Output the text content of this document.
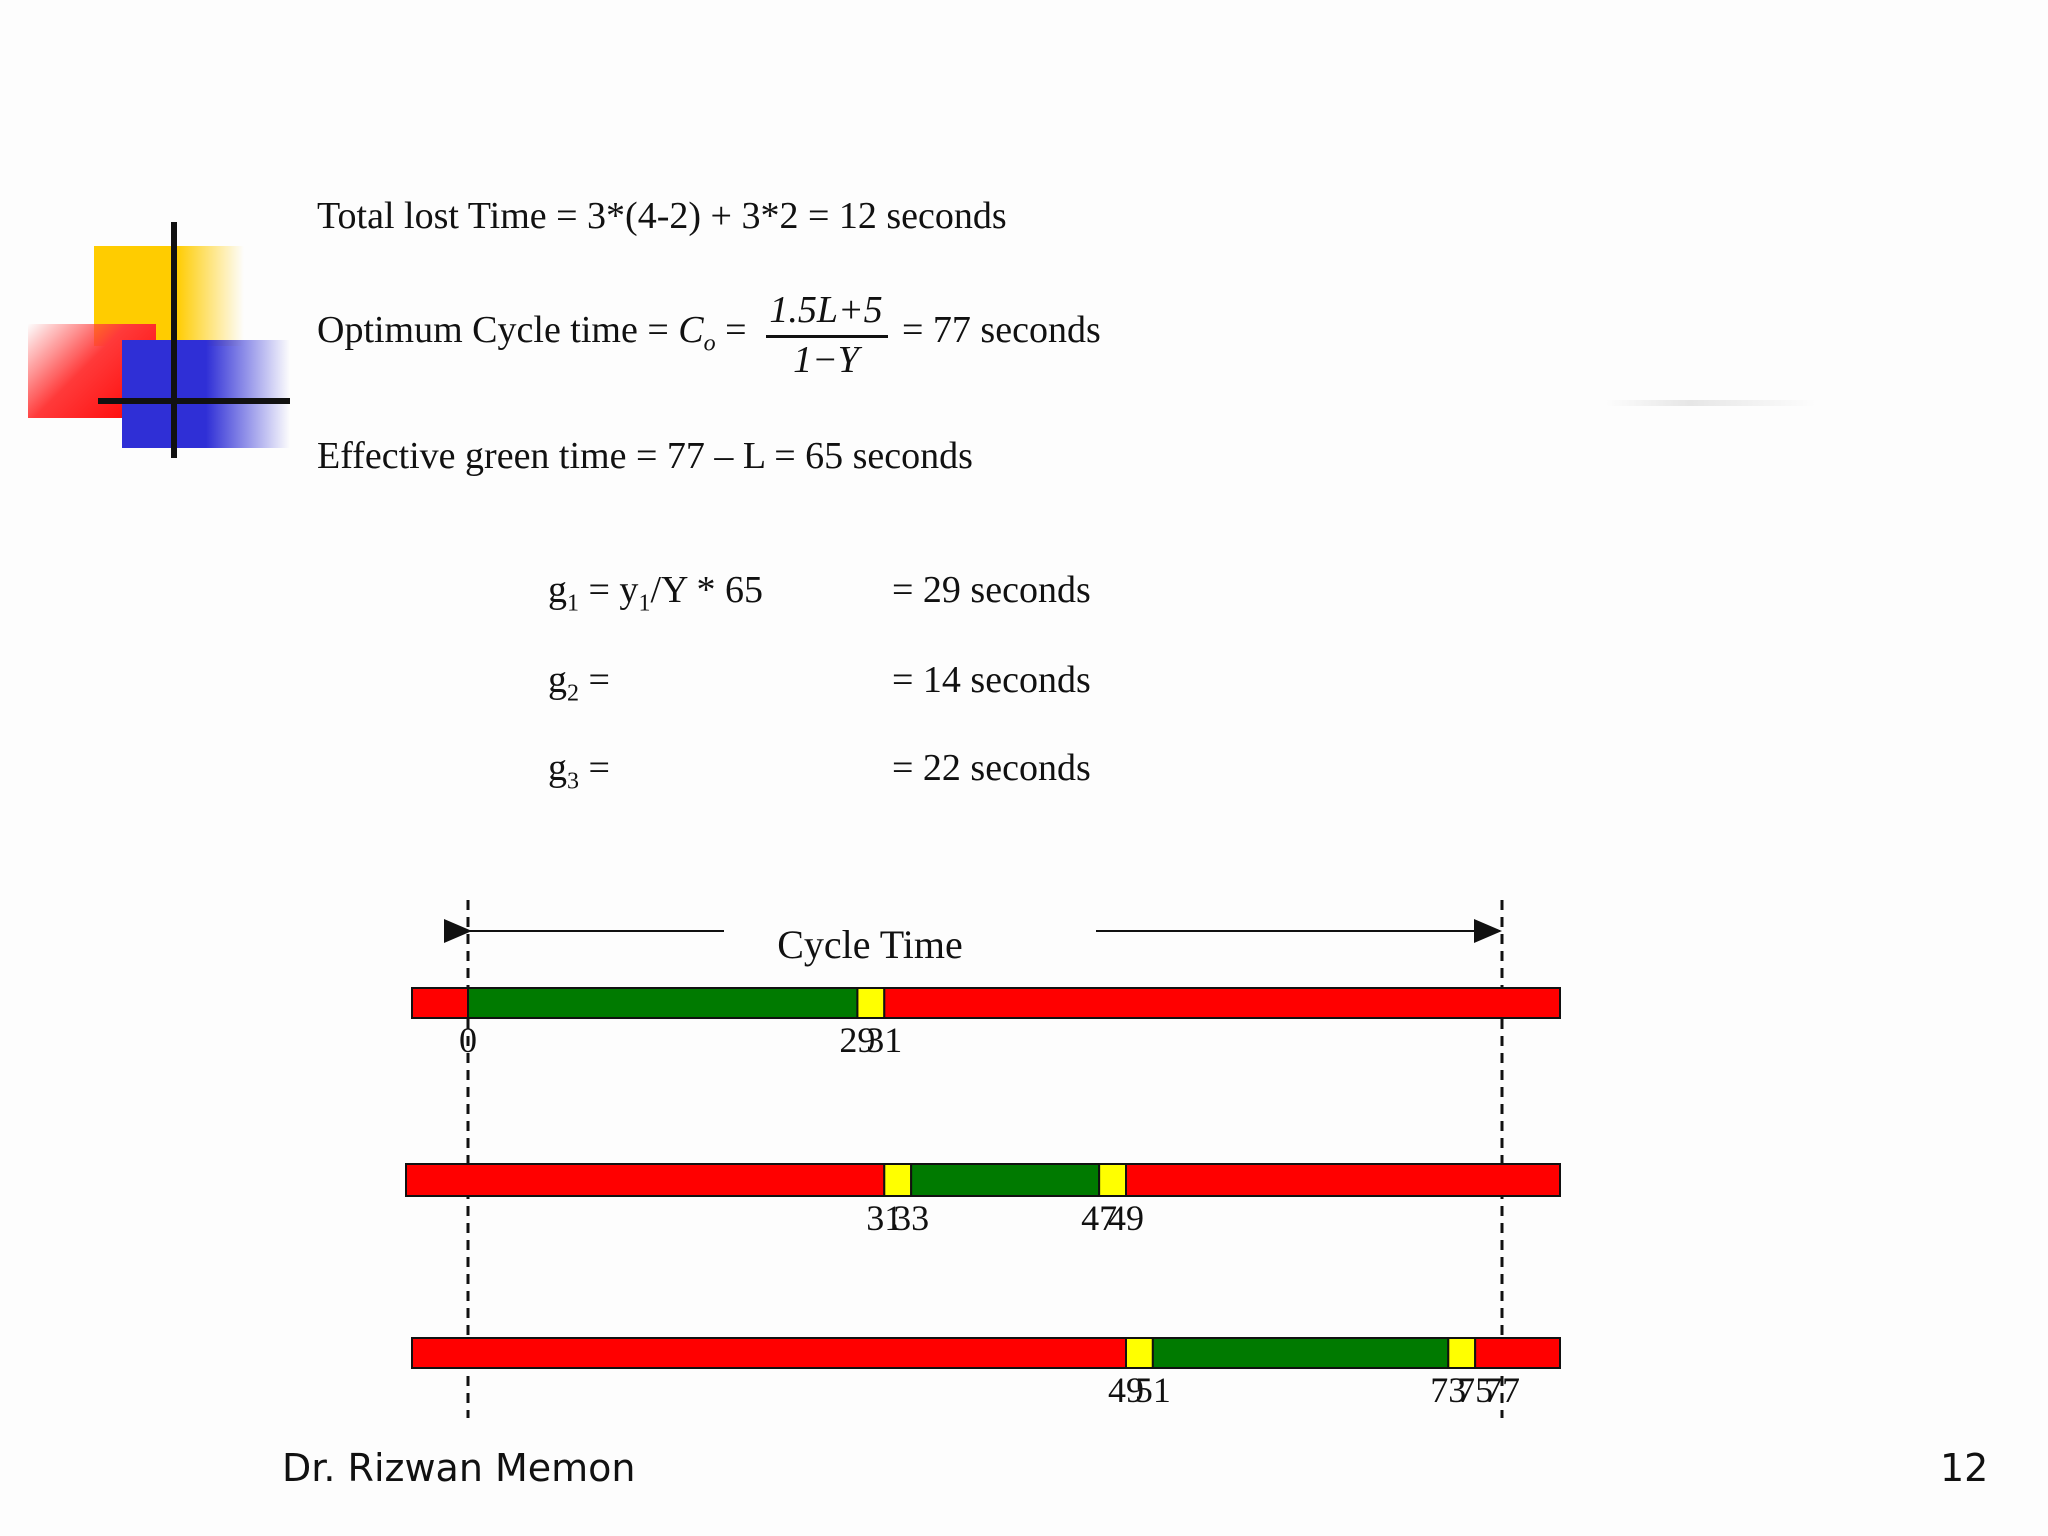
Total lost Time = 3*(4-2) + 3*2 = 12 seconds
Optimum Cycle time = $C_o = 1.5L+5$
1−Y
= 77 seconds
Effective green time = 77 – L = 65 seconds
$g_1 = y_1/Y * 65$	= 29 seconds
$g_2$ =	= 14 seconds
$g_3$ =	= 22 seconds
Cycle Time
0	29
31
31
33	47
49
49
51	73
75
77
Dr. Rizwan Memon	12
